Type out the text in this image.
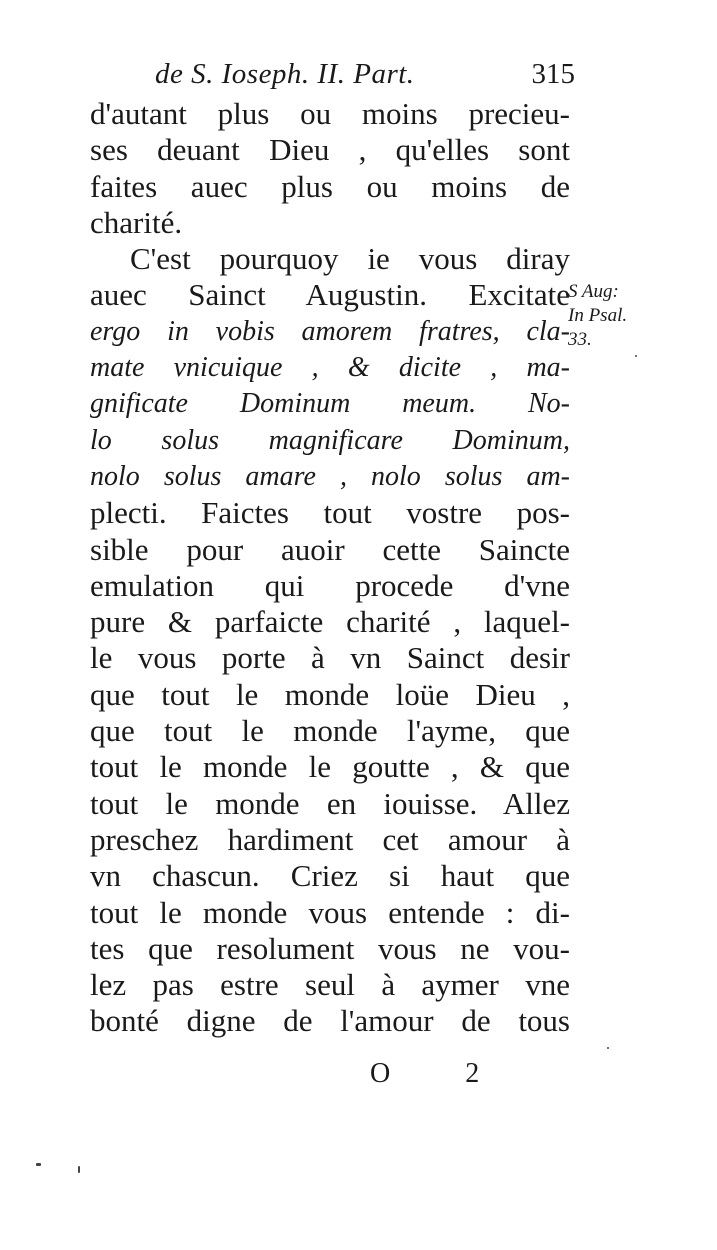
de S. Ioseph. II. Part.	315
d'autant plus ou moins precieu-
ses deuant Dieu , qu'elles sont
faites auec plus ou moins de
charité.
C'est pourquoy ie vous diray
auec Sainct Augustin. Excitate
ergo in vobis amorem fratres, cla-
mate vnicuique , & dicite , ma-
gnificate Dominum meum. No-
lo solus magnificare Dominum,
nolo solus amare , nolo solus am-
plecti. Faictes tout vostre pos-
sible pour auoir cette Saincte
emulation qui procede d'vne
pure & parfaicte charité , laquel-
le vous porte à vn Sainct desir
que tout le monde loüe Dieu ,
que tout le monde l'ayme, que
tout le monde le goutte , & que
tout le monde en iouisse. Allez
preschez hardiment cet amour à
vn chascun. Criez si haut que
tout le monde vous entende : di-
tes que resolument vous ne vou-
lez pas estre seul à aymer vne
bonté digne de l'amour de tous
S Aug:
In Psal.
33.
O 2
